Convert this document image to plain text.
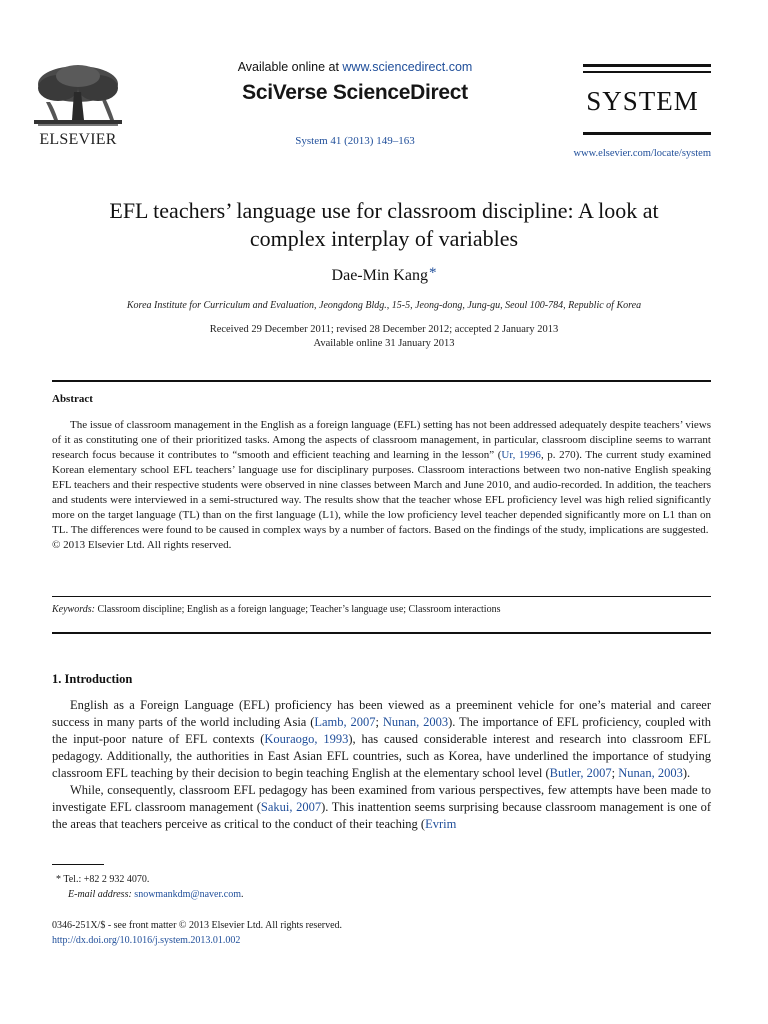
ELSEVIER
Available online at www.sciencedirect.com
SciVerse ScienceDirect
System 41 (2013) 149–163
SYSTEM
www.elsevier.com/locate/system
EFL teachers’ language use for classroom discipline: A look at
complex interplay of variables
Dae-Min Kang*
Korea Institute for Curriculum and Evaluation, Jeongdong Bldg., 15-5, Jeong-dong, Jung-gu, Seoul 100-784, Republic of Korea
Received 29 December 2011; revised 28 December 2012; accepted 2 January 2013
Available online 31 January 2013
Abstract

The issue of classroom management in the English as a foreign language (EFL) setting has not been addressed adequately despite teachers’ views of it as constituting one of their prioritized tasks. Among the aspects of classroom management, in particular, classroom discipline seems to warrant research focus because it contributes to “smooth and efficient teaching and learning in the lesson” (Ur, 1996, p. 270). The current study examined Korean elementary school EFL teachers’ language use for disciplinary purposes. Classroom interactions between two non-native English speaking EFL teachers and their respective students were observed in nine classes between March and June 2010, and audio-recorded. In addition, the teachers and students were interviewed in a semi-structured way. The results show that the teacher whose EFL proficiency level was high relied significantly more on the target language (TL) than on the first language (L1), while the low proficiency level teacher depended significantly more on L1 than on TL. The differences were found to be caused in complex ways by a number of factors. Based on the findings of the study, implications are suggested.

© 2013 Elsevier Ltd. All rights reserved.

Keywords: Classroom discipline; English as a foreign language; Teacher’s language use; Classroom interactions
1. Introduction

English as a Foreign Language (EFL) proficiency has been viewed as a preeminent vehicle for one’s material and career success in many parts of the world including Asia (Lamb, 2007; Nunan, 2003). The importance of EFL proficiency, coupled with the input-poor nature of EFL contexts (Kouraogo, 1993), has caused considerable interest and research into classroom EFL pedagogy. Additionally, the authorities in East Asian EFL countries, such as Korea, have underlined the importance of studying classroom EFL teaching by their decision to begin teaching English at the elementary school level (Butler, 2007; Nunan, 2003).

While, consequently, classroom EFL pedagogy has been examined from various perspectives, few attempts have been made to investigate EFL classroom management (Sakui, 2007). This inattention seems surprising because classroom management is one of the areas that teachers perceive as critical to the conduct of their teaching (Evrim

* Tel.: +82 2 932 4070.
E-mail address: snowmankdm@naver.com.
0346-251X/$ - see front matter © 2013 Elsevier Ltd. All rights reserved.
http://dx.doi.org/10.1016/j.system.2013.01.002
